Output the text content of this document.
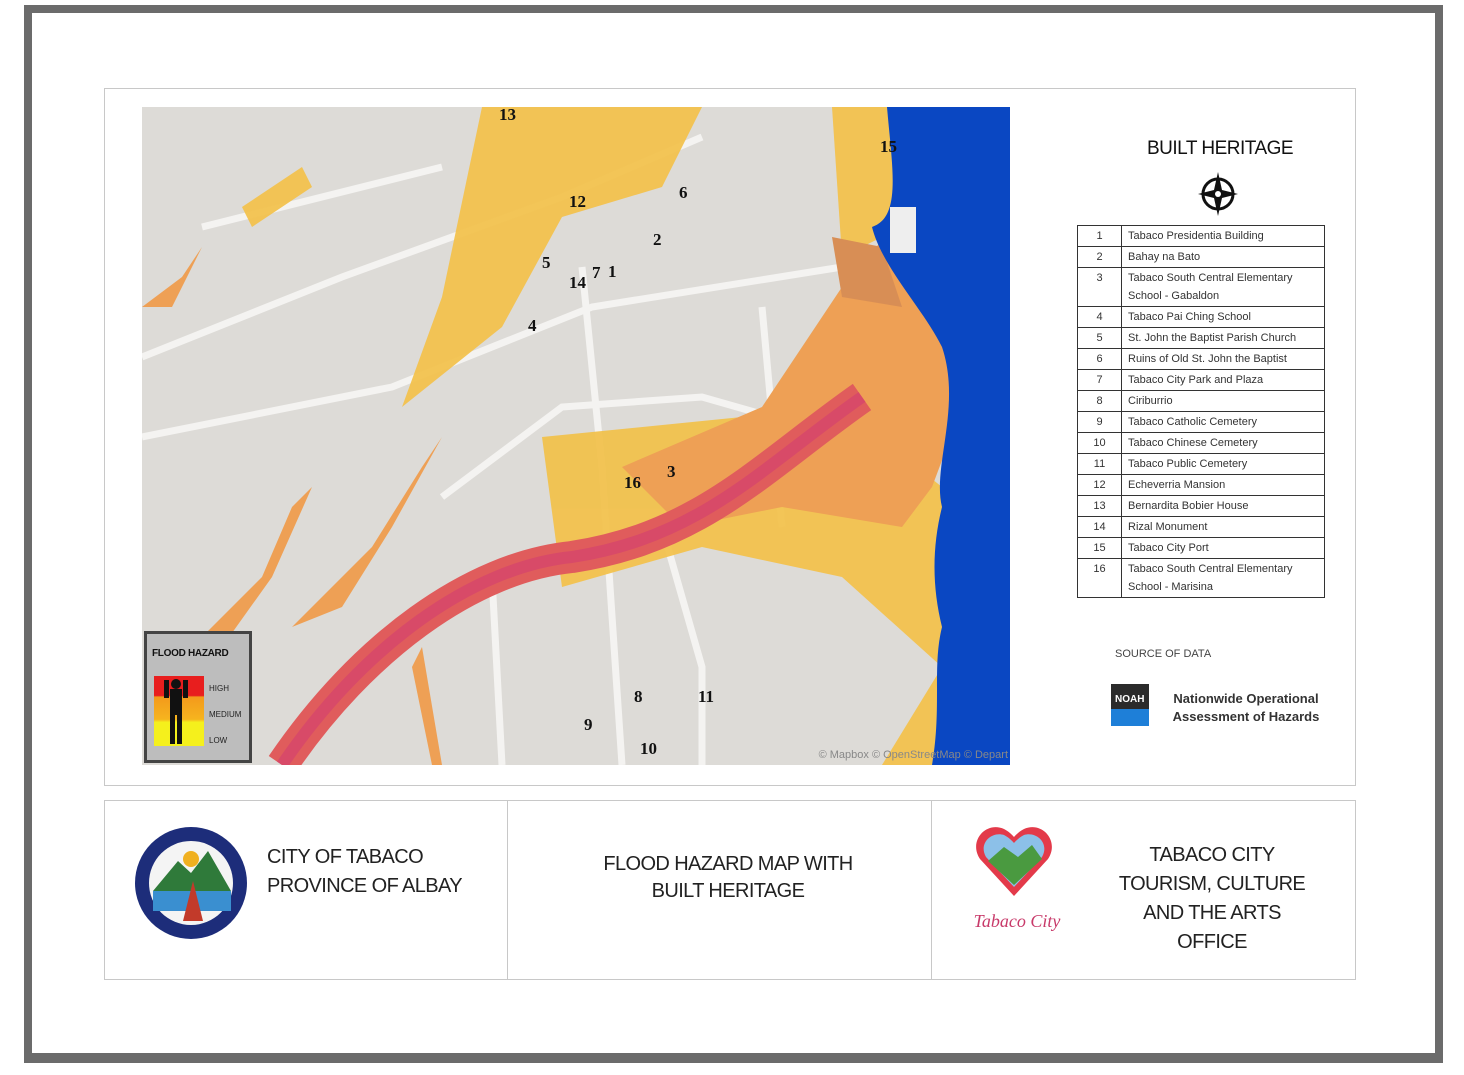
13
12	6
2
5
14
7 1
4
16
3
8	11
9
10
15
© Mapbox © OpenStreetMap © Depart
FLOOD HAZARD
HIGH
MEDIUM
LOW
BUILT HERITAGE
1	Tabaco Presidentia Building
2	Bahay na Bato
3	Tabaco South Central Elementary School - Gabaldon
4	Tabaco Pai Ching School
5	St. John the Baptist Parish Church
6	Ruins of Old St. John the Baptist
7	Tabaco City Park and Plaza
8	Ciriburrio
9	Tabaco Catholic Cemetery
10	Tabaco Chinese Cemetery
11	Tabaco Public Cemetery
12	Echeverria Mansion
13	Bernardita Bobier House
14	Rizal Monument
15	Tabaco City Port
16	Tabaco South Central Elementary School - Marisina
SOURCE OF DATA
NOAH	Nationwide Operational Assessment of Hazards
CITY OF TABACO
PROVINCE OF ALBAY
FLOOD HAZARD MAP WITH BUILT HERITAGE
Tabaco City
TABACO CITY TOURISM, CULTURE AND THE ARTS OFFICE
